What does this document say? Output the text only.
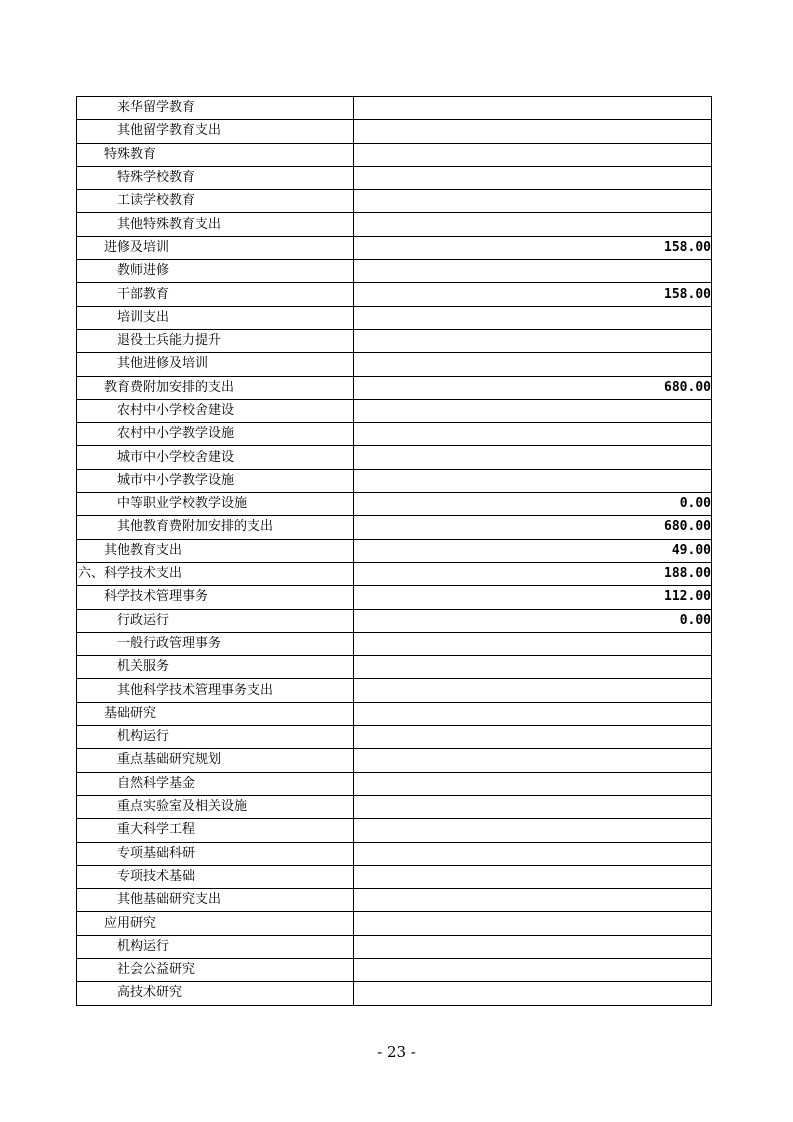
来华留学教育	
其他留学教育支出	
特殊教育	
特殊学校教育	
工读学校教育	
其他特殊教育支出	
进修及培训	158.00
教师进修	
干部教育	158.00
培训支出	
退役士兵能力提升	
其他进修及培训	
教育费附加安排的支出	680.00
农村中小学校舍建设	
农村中小学教学设施	
城市中小学校舍建设	
城市中小学教学设施	
中等职业学校教学设施	0.00
其他教育费附加安排的支出	680.00
其他教育支出	49.00
六、科学技术支出	188.00
科学技术管理事务	112.00
行政运行	0.00
一般行政管理事务	
机关服务	
其他科学技术管理事务支出	
基础研究	
机构运行	
重点基础研究规划	
自然科学基金	
重点实验室及相关设施	
重大科学工程	
专项基础科研	
专项技术基础	
其他基础研究支出	
应用研究	
机构运行	
社会公益研究	
高技术研究	
- 23 -
